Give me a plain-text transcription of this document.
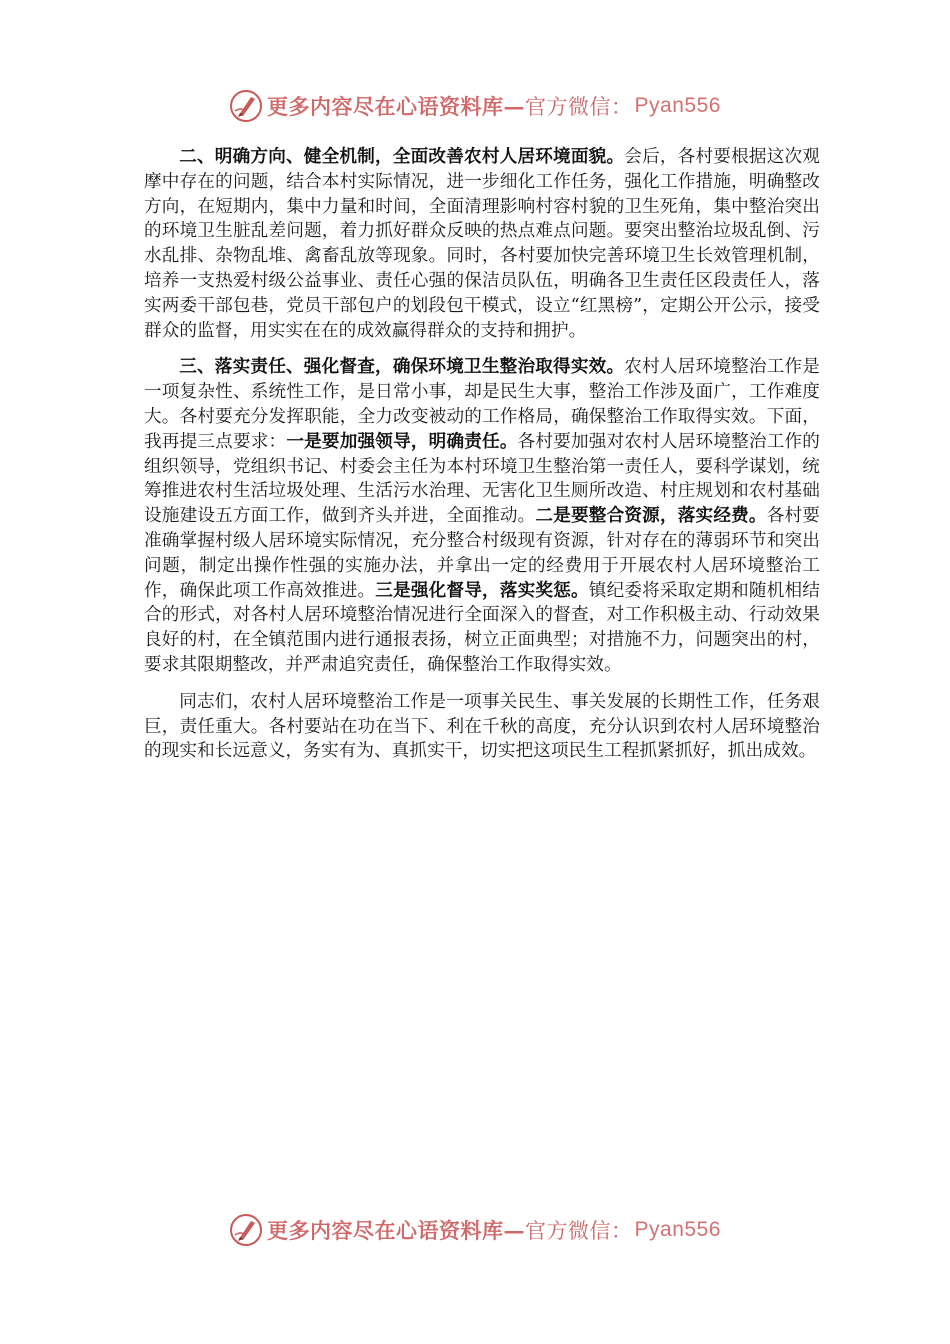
更多内容尽在心语资料库 — 官方微信： Pyan556

二、明确方向、健全机制，全面改善农村人居环境面貌。会后，各村要根据这次观摩中存在的问题，结合本村实际情况，进一步细化工作任务，强化工作措施，明确整改方向，在短期内，集中力量和时间，全面清理影响村容村貌的卫生死角，集中整治突出的环境卫生脏乱差问题，着力抓好群众反映的热点难点问题。要突出整治垃圾乱倒、污水乱排、杂物乱堆、禽畜乱放等现象。同时，各村要加快完善环境卫生长效管理机制，培养一支热爱村级公益事业、责任心强的保洁员队伍，明确各卫生责任区段责任人，落实两委干部包巷，党员干部包户的划段包干模式，设立“红黑榜”，定期公开公示，接受群众的监督，用实实在在的成效赢得群众的支持和拥护。

三、落实责任、强化督查，确保环境卫生整治取得实效。农村人居环境整治工作是一项复杂性、系统性工作，是日常小事，却是民生大事，整治工作涉及面广，工作难度大。各村要充分发挥职能，全力改变被动的工作格局，确保整治工作取得实效。下面，我再提三点要求：一是要加强领导，明确责任。各村要加强对农村人居环境整治工作的组织领导，党组织书记、村委会主任为本村环境卫生整治第一责任人，要科学谋划，统筹推进农村生活垃圾处理、生活污水治理、无害化卫生厕所改造、村庄规划和农村基础设施建设五方面工作，做到齐头并进，全面推动。二是要整合资源，落实经费。各村要准确掌握村级人居环境实际情况，充分整合村级现有资源，针对存在的薄弱环节和突出问题，制定出操作性强的实施办法，并拿出一定的经费用于开展农村人居环境整治工作，确保此项工作高效推进。三是强化督导，落实奖惩。镇纪委将采取定期和随机相结合的形式，对各村人居环境整治情况进行全面深入的督查，对工作积极主动、行动效果良好的村，在全镇范围内进行通报表扬，树立正面典型；对措施不力，问题突出的村，要求其限期整改，并严肃追究责任，确保整治工作取得实效。

同志们，农村人居环境整治工作是一项事关民生、事关发展的长期性工作，任务艰巨，责任重大。各村要站在功在当下、利在千秋的高度，充分认识到农村人居环境整治的现实和长远意义，务实有为、真抓实干，切实把这项民生工程抓紧抓好，抓出成效。

更多内容尽在心语资料库 — 官方微信： Pyan556
